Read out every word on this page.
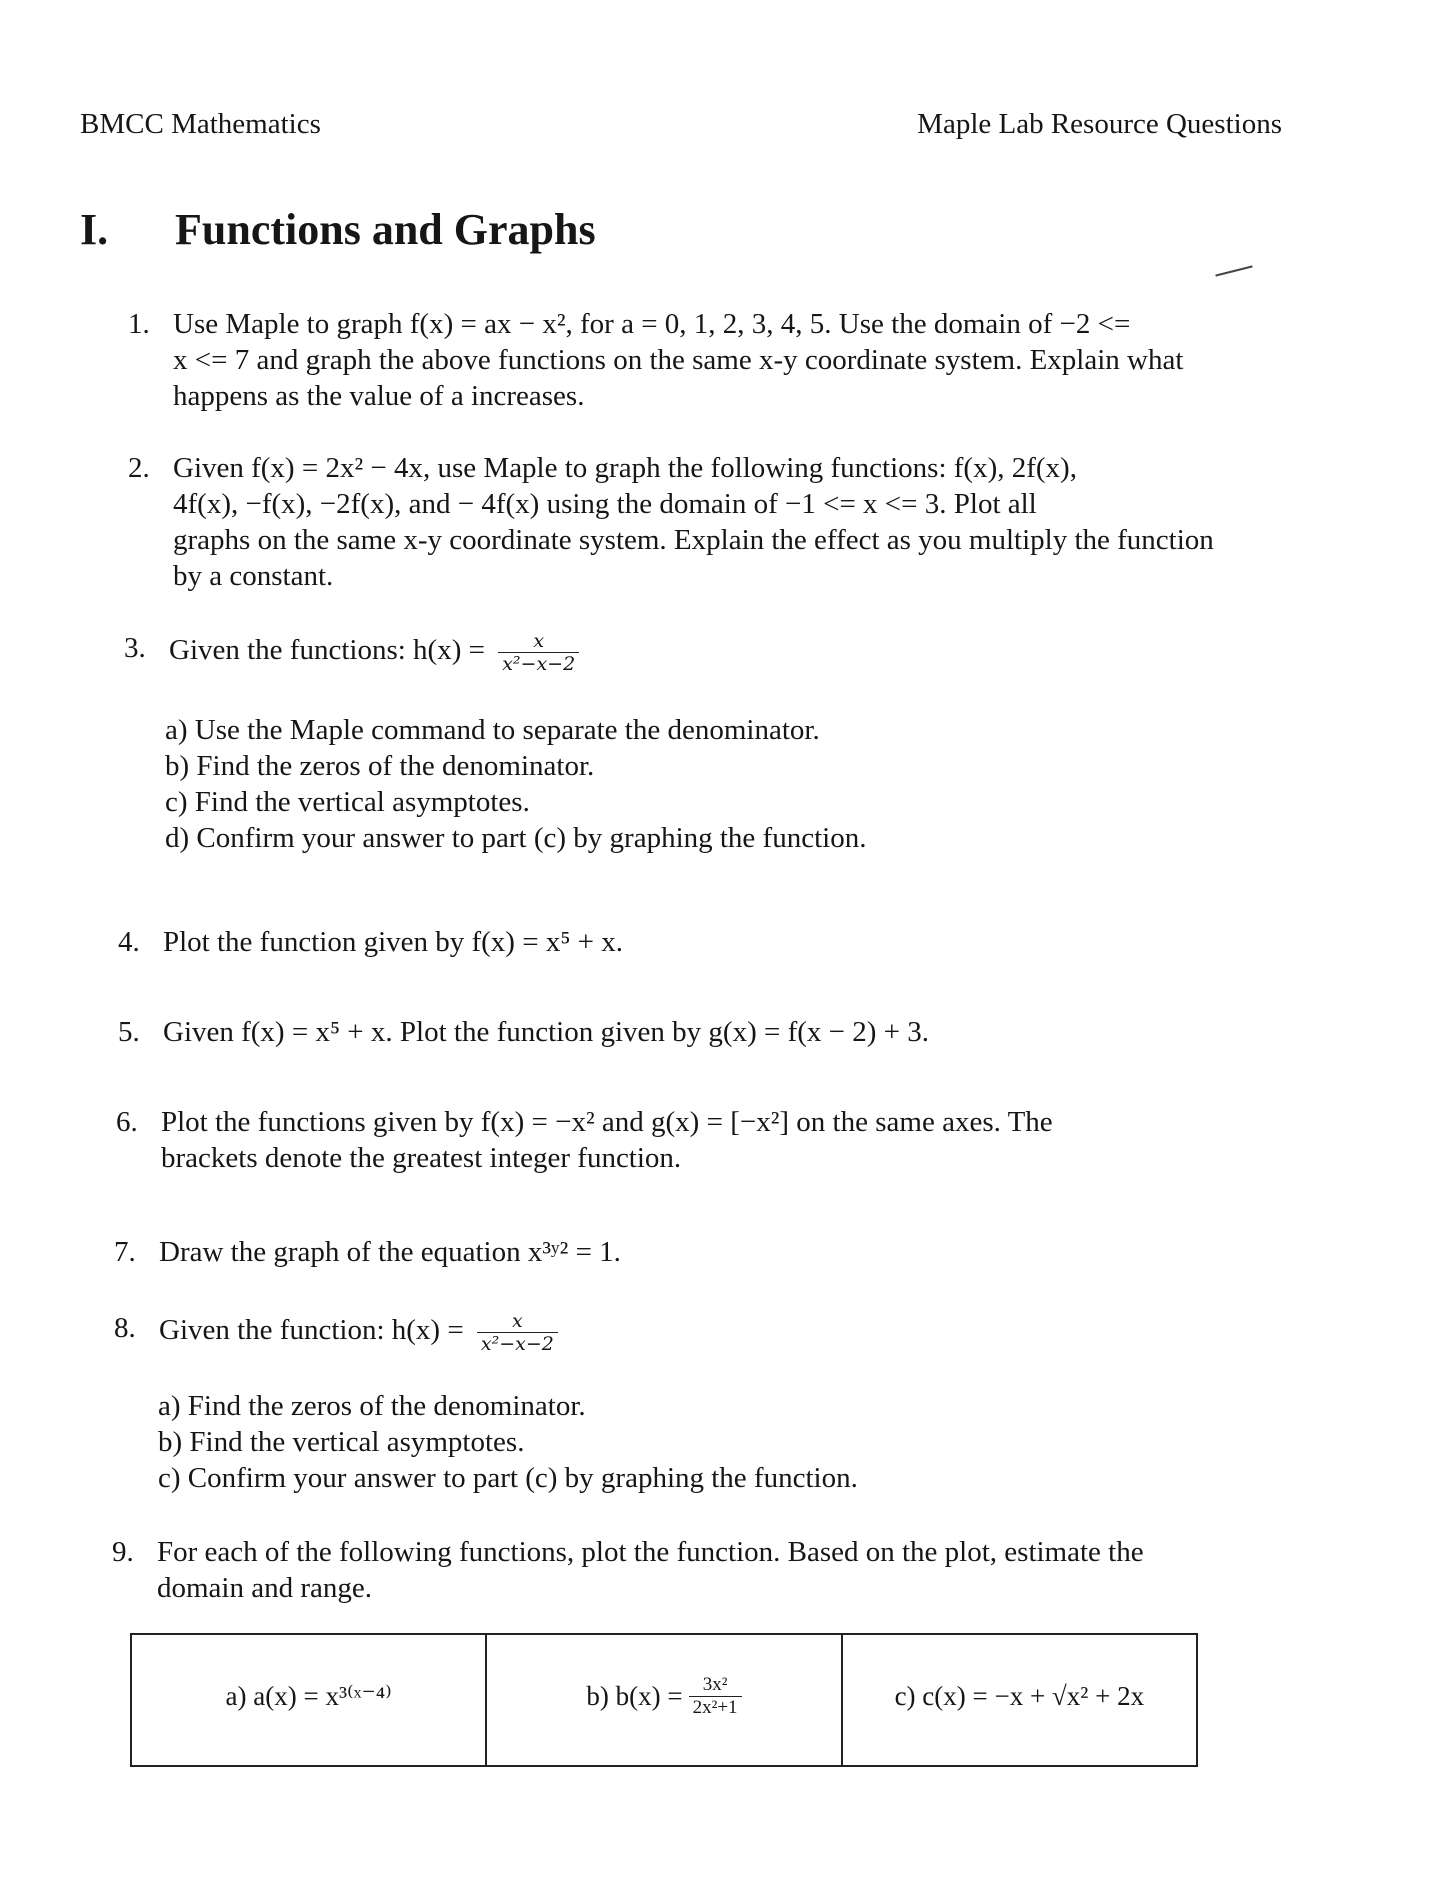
BMCC Mathematics	Maple Lab Resource Questions
I. Functions and Graphs
1. Use Maple to graph f(x) = ax − x², for a = 0, 1, 2, 3, 4, 5. Use the domain of −2 <=
x <= 7 and graph the above functions on the same x-y coordinate system. Explain what
happens as the value of a increases.
2. Given f(x) = 2x² − 4x, use Maple to graph the following functions: f(x), 2f(x),
4f(x), −f(x), −2f(x), and − 4f(x) using the domain of −1 <= x <= 3. Plot all
graphs on the same x-y coordinate system. Explain the effect as you multiply the function
by a constant.
3. Given the functions: $h(x) = \frac{x}{\text{x²−x−2}}$
a) Use the Maple command to separate the denominator.
b) Find the zeros of the denominator.
c) Find the vertical asymptotes.
d) Confirm your answer to part (c) by graphing the function.
4. Plot the function given by f(x) = x⁵ + x.
5. Given f(x) = x⁵ + x. Plot the function given by g(x) = f(x − 2) + 3.
6. Plot the functions given by f(x) = −x² and g(x) = [−x²] on the same axes. The
brackets denote the greatest integer function.
7. Draw the graph of the equation x³ʸ² = 1.
8. Given the function: $h(x) = \frac{x}{\text{x²−x−2}}$
a) Find the zeros of the denominator.
b) Find the vertical asymptotes.
c) Confirm your answer to part (c) by graphing the function.
9. For each of the following functions, plot the function. Based on the plot, estimate the
domain and range.
a) a(x) = x³⁽ˣ⁻⁴⁾	b) $b(x) = \frac{\text{3x²}}{\text{2x²+1}}$	c) c(x) = −x + √x² + 2x
